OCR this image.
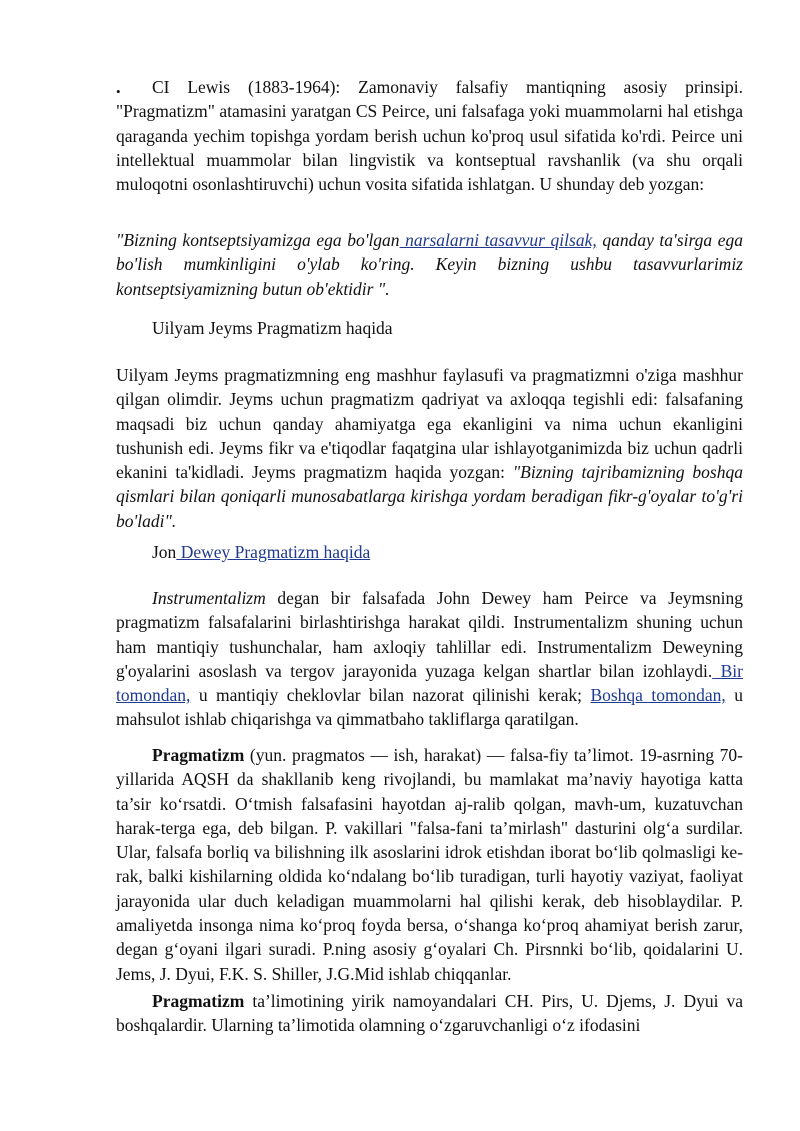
•	CI Lewis (1883-1964): Zamonaviy falsafiy mantiqning asosiy prinsipi. "Pragmatizm" atamasini yaratgan CS Peirce, uni falsafaga yoki muammolarni hal etishga qaraganda yechim topishga yordam berish uchun ko'proq usul sifatida ko'rdi. Peirce uni intellektual muammolar bilan lingvistik va kontseptual ravshanlik (va shu orqali muloqotni osonlashtiruvchi) uchun vosita sifatida ishlatgan. U shunday deb yozgan:

"Bizning kontseptsiyamizga ega bo'lgan narsalarni tasavvur qilsak, qanday ta'sirga ega bo'lish mumkinligini o'ylab ko'ring. Keyin bizning ushbu tasavvurlarimiz kontseptsiyamizning butun ob'ektidir ".

Uilyam Jeyms Pragmatizm haqida

Uilyam Jeyms pragmatizmning eng mashhur faylasufi va pragmatizmni o'ziga mashhur qilgan olimdir. Jeyms uchun pragmatizm qadriyat va axloqqa tegishli edi: falsafaning maqsadi biz uchun qanday ahamiyatga ega ekanligini va nima uchun ekanligini tushunish edi. Jeyms fikr va e'tiqodlar faqatgina ular ishlayotganimizda biz uchun qadrli ekanini ta'kidladi. Jeyms pragmatizm haqida yozgan: "Bizning tajribamizning boshqa qismlari bilan qoniqarli munosabatlarga kirishga yordam beradigan fikr-g'oyalar to'g'ri bo'ladi".

Jon Dewey Pragmatizm haqida

Instrumentalizm degan bir falsafada John Dewey ham Peirce va Jeymsning pragmatizm falsafalarini birlashtirishga harakat qildi. Instrumentalizm shuning uchun ham mantiqiy tushunchalar, ham axloqiy tahlillar edi. Instrumentalizm Deweyning g'oyalarini asoslash va tergov jarayonida yuzaga kelgan shartlar bilan izohlaydi. Bir tomondan, u mantiqiy cheklovlar bilan nazorat qilinishi kerak; Boshqa tomondan, u mahsulot ishlab chiqarishga va qimmatbaho takliflarga qaratilgan.

Pragmatizm (yun. pragmatos — ish, harakat) — falsa-fiy ta’limot. 19-asrning 70-yillarida AQSH da shakllanib keng rivojlandi, bu mamlakat ma’naviy hayotiga katta ta’sir ko‘rsatdi. O‘tmish falsafasini hayotdan aj-ralib qolgan, mavh-um, kuzatuvchan harak-terga ega, deb bilgan. P. vakillari "falsa-fani ta’mirlash" dasturini olg‘a surdilar. Ular, falsafa borliq va bilishning ilk asoslarini idrok etishdan iborat bo‘lib qolmasligi ke-rak, balki kishilarning oldida ko‘ndalang bo‘lib turadigan, turli hayotiy vaziyat, faoliyat jarayonida ular duch keladigan muammolarni hal qilishi kerak, deb hisoblaydilar. P. amaliyetda insonga nima ko‘proq foyda bersa, o‘shanga ko‘proq ahamiyat berish zarur, degan g‘oyani ilgari suradi. P.ning asosiy g‘oyalari Ch. Pirsnnki bo‘lib, qoidalarini U. Jems, J. Dyui, F.K. S. Shiller, J.G.Mid ishlab chiqqanlar.

Pragmatizm ta’limotining yirik namoyandalari CH. Pirs, U. Djems, J. Dyui va boshqalardir. Ularning ta’limotida olamning o‘zgaruvchanligi o‘z ifodasini
